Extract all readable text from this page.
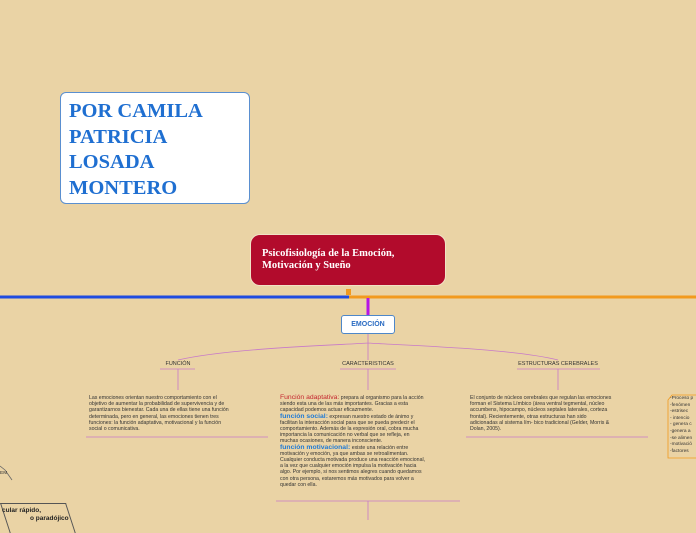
POR CAMILA
PATRICIA
LOSADA
MONTERO
Psicofisiología de la Emoción,
Motivación y Sueño
EMOCIÓN
FUNCIÓN	CARACTERISTICAS	ESTRUCTURAS CEREBRALES
Las emociones orientan nuestro comportamiento con el
objetivo de aumentar la probabilidad de supervivencia y de
garantizarnos bienestar. Cada una de ellas tiene una función
determinada, pero en general, las emociones tienen tres
funciones: la función adaptativa, motivacional y la función
social o comunicativa.
Función adaptativa: prepara al organismo para la acción
siendo esta una de las más importantes. Gracias a esta
capacidad podemos actuar eficazmente.
función social: expresan nuestro estado de ánimo y
facilitan la interacción social para que se pueda predecir el
comportamiento. Además de la expresión oral, cobra mucha
importancia la comunicación no verbal que se refleja, en
muchas ocasiones, de manera inconsciente.
función motivacional: existe una relación entre
motivación y emoción, ya que ambas se retroalimentan.
Cualquier conducta motivada produce una reacción emocional,
a la vez que cualquier emoción impulsa la motivación hacia
algo. Por ejemplo, si nos sentimos alegres cuando quedamos
con otra persona, estaremos más motivados para volver a
quedar con ella.
El conjunto de núcleos cerebrales que regulan las emociones
forman el Sistema Límbico (área ventral tegmental, núcleo
accumbens, hipocampo, núcleos septales laterales, corteza
frontal). Recientemente, otras estructuras han sido
adicionadas al sistema lím- bico tradicional (Gelder, Morris &
Dolan, 2005).
-Proceso p
-fenómen
-estrisec
- intencio
- genera c
-genera a
-se alimen
-motivació
-factores
EM
cular rápido,
o paradójico
